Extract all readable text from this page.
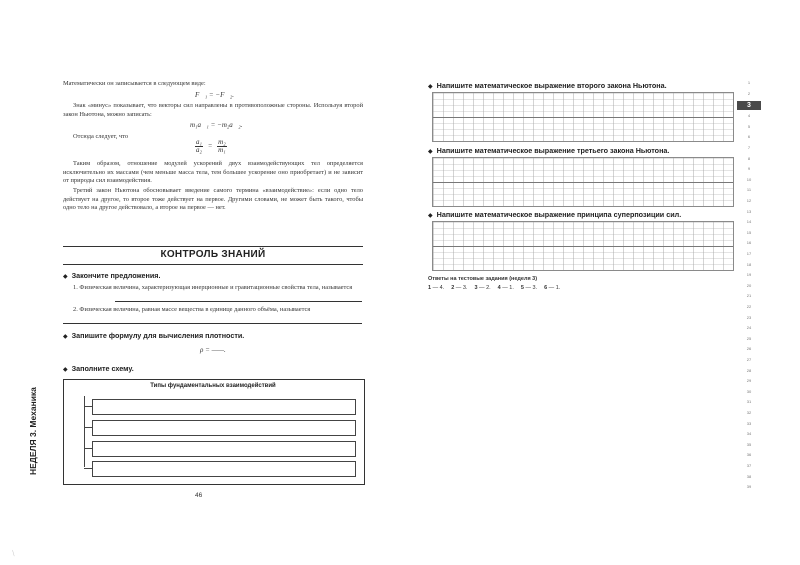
Математически он записывается в следующем виде:
F⃗₁ = −F⃗₂.
Знак «минус» показывает, что векторы сил направлены в противоположные стороны. Используя второй закон Ньютона, можно записать:
m₁a⃗₁ = −m₂a⃗₂.
Отсюда следует, что
$\frac{\text{a₁}}{\text{a₂}} = \frac{\text{m₂}}{\text{m₁}}$
Таким образом, отношение модулей ускорений двух взаимодействующих тел определяется исключительно их массами (чем меньше масса тела, тем большее ускорение оно приобретает) и не зависит от природы сил взаимодействия.
Третий закон Ньютона обосновывает введение самого термина «взаимодействие»: если одно тело действует на другое, то второе тоже действует на первое. Другими словами, не может быть такого, чтобы одно тело на другое действовало, а второе на первое — нет.
КОНТРОЛЬ ЗНАНИЙ
◆ Закончите предложения.
1. Физическая величина, характеризующая инерционные и гравитационные свойства тела, называется
2. Физическая величина, равная массе вещества в единице данного объёма, называется
◆ Запишите формулу для вычисления плотности.
ρ = ——.
◆ Заполните схему.
Типы фундаментальных взаимодействий
НЕДЕЛЯ 3. Механика
46
◆ Напишите математическое выражение второго закона Ньютона.
◆ Напишите математическое выражение третьего закона Ньютона.
◆ Напишите математическое выражение принципа суперпозиции сил.
Ответы на тестовые задания (неделя 3)
1 — 4. 2 — 3. 3 — 2. 4 — 1. 5 — 3. 6 — 1.
1
2
3
4
5
6
7
8
9
10
11
12
13
14
15
16
17
18
19
20
21
22
23
24
25
26
27
28
29
30
31
32
33
34
35
36
37
38
39
/
